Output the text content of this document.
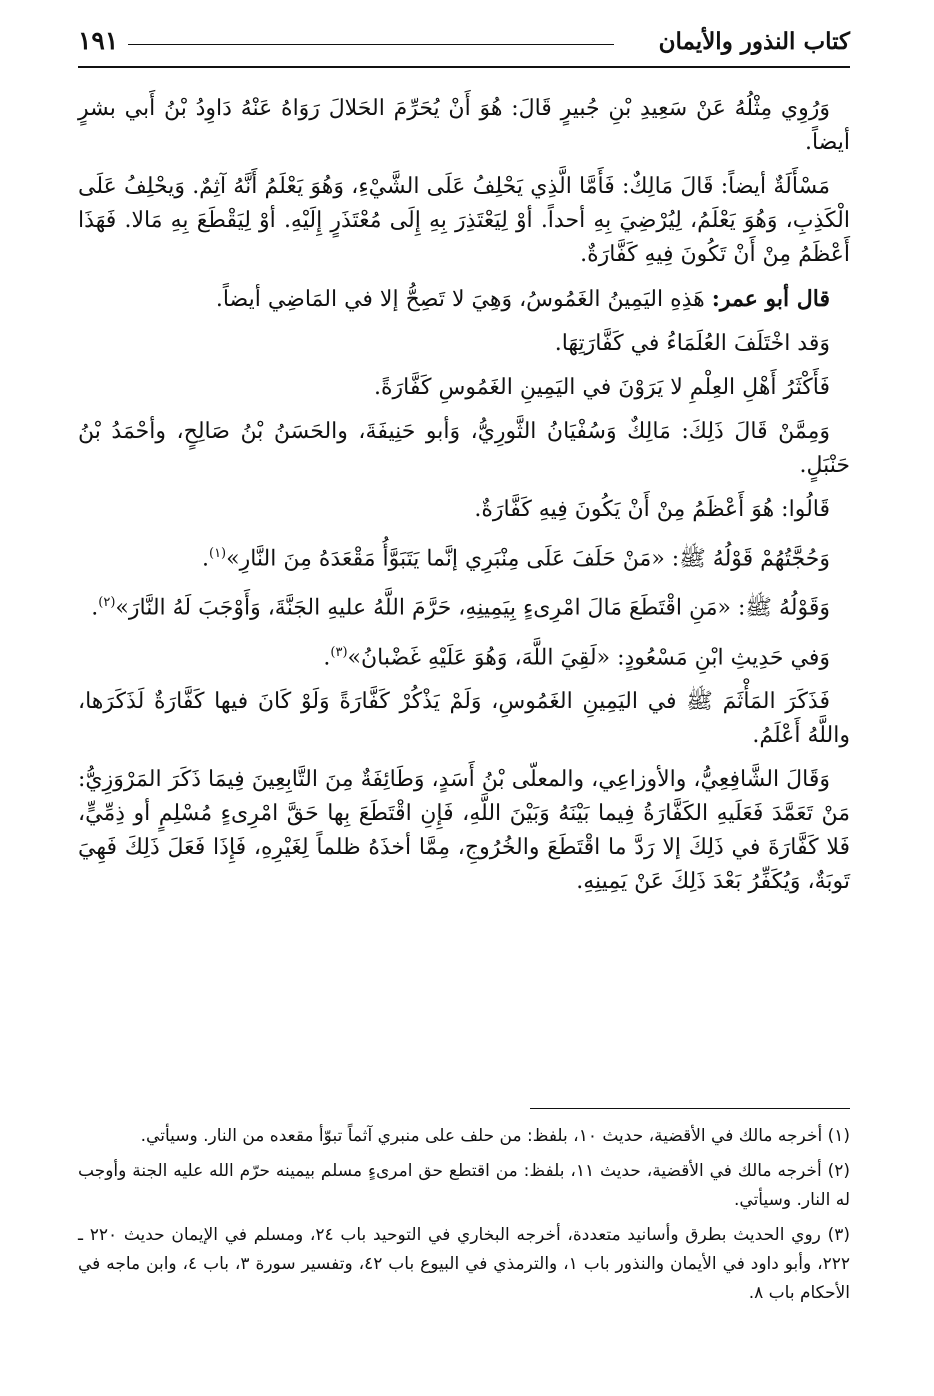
كتاب النذور والأيمان
١٩١

وَرُوِي مِثْلُهُ عَنْ سَعِيدِ بْنِ جُبيرٍ قَالَ: هُوَ أَنْ يُحَرِّمَ الحَلالَ رَوَاهُ عَنْهُ دَاوِدُ بْنُ أَبي بشرٍ أيضاً.

مَسْأَلَةٌ أيضاً: قَالَ مَالِكٌ: فَأَمَّا الَّذِي يَحْلِفُ عَلَى الشَّيْءِ، وَهُوَ يَعْلَمُ أَنَّهُ آثِمٌ. وَيحْلِفُ عَلَى الْكَذِبِ، وَهُوَ يَعْلَمُ، لِيُرْضِيَ بِهِ أحداً. أوْ لِيَعْتَذِرَ بِهِ إِلَى مُعْتَذَرٍ إِلَيْهِ. أوْ لِيَقْطَعَ بِهِ مَالا. فَهَذَا أَعْظَمُ مِنْ أَنْ تَكُونَ فِيهِ كَفَّارَةٌ.

قال أبو عمر: هَذِهِ اليَمِينُ الغَمُوسُ، وَهِيَ لا تَصِحُّ إلا في المَاضِي أيضاً.

وَقد اخْتَلَفَ العُلَمَاءُ في كَفَّارَتِهَا.

فَأَكْثَرُ أَهْلِ العِلْمِ لا يَرَوْنَ في اليَمِينِ الغَمُوسِ كَفَّارَةً.

وَمِمَّنْ قَالَ ذَلِكَ: مَالِكٌ وَسُفْيَانُ الثَّورِيُّ، وَأبو حَنِيفَةَ، والحَسَنُ بْنُ صَالِحٍ، وأحْمَدُ بْنُ حَنْبَلٍ.

قَالُوا: هُوَ أَعْظَمُ مِنْ أَنْ يَكُونَ فِيهِ كَفَّارَةٌ.

وَحُجَّتُهُمْ قَوْلُهُ ﷺ: «مَنْ حَلَفَ عَلَى مِنْبَرِي إنَّما يَتَبَوَّأُ مَقْعَدَهُ مِنَ النَّارِ»$^{(١)}$.

وَقَوْلُهُ ﷺ: «مَنِ اقْتَطَعَ مَالَ امْرِىءٍ بِيَمِينِهِ، حَرَّمَ اللَّهُ عليهِ الجَنَّةَ، وَأَوْجَبَ لَهُ النَّارَ»$^{(٢)}$.

وَفي حَدِيثِ ابْنِ مَسْعُودٍ: «لَقِيَ اللَّهَ، وَهُوَ عَلَيْهِ غَضْبانُ»$^{(٣)}$.

فَذَكَرَ المَأْثَمَ ﷺ في اليَمِينِ الغَمُوسِ، وَلَمْ يَذْكُرْ كَفَّارَةً وَلَوْ كَانَ فيها كَفَّارَةٌ لَذَكَرَها، واللَّهُ أَعْلَمُ.

وَقَالَ الشَّافِعِيُّ، والأوزاعِي، والمعلّى بْنُ أَسَدٍ، وَطَائِفَةٌ مِنَ التَّابِعِينَ فِيمَا ذَكَرَ المَرْوَزِيُّ: مَنْ تَعَمَّدَ فَعَلَيهِ الكَفَّارَةُ فِيما بَيْنَهُ وَبَيْنَ اللَّهِ، فَإِنِ اقْتَطَعَ بِها حَقَّ امْرِىءٍ مُسْلِمٍ أو ذِمِّيٍّ، فَلا كَفَّارَةَ في ذَلِكَ إلا رَدَّ ما اقْتَطَعَ والخُرُوجِ، مِمَّا أخذَهُ ظلماً لِغَيْرِهِ، فَإِذَا فَعَلَ ذَلِكَ فَهِيَ تَوبَةٌ، وَيُكَفِّرُ بَعْدَ ذَلِكَ عَنْ يَمِينِهِ.

(١) أخرجه مالك في الأقضية، حديث ١٠، بلفظ: من حلف على منبري آثماً تبوّأ مقعده من النار. وسيأتي.
(٢) أخرجه مالك في الأقضية، حديث ١١، بلفظ: من اقتطع حق امرىءٍ مسلم بيمينه حرّم الله عليه الجنة وأوجب له النار. وسيأتي.
(٣) روي الحديث بطرق وأسانيد متعددة، أخرجه البخاري في التوحيد باب ٢٤، ومسلم في الإيمان حديث ٢٢٠ ـ ٢٢٢، وأبو داود في الأيمان والنذور باب ١، والترمذي في البيوع باب ٤٢، وتفسير سورة ٣، باب ٤، وابن ماجه في الأحكام باب ٨.
